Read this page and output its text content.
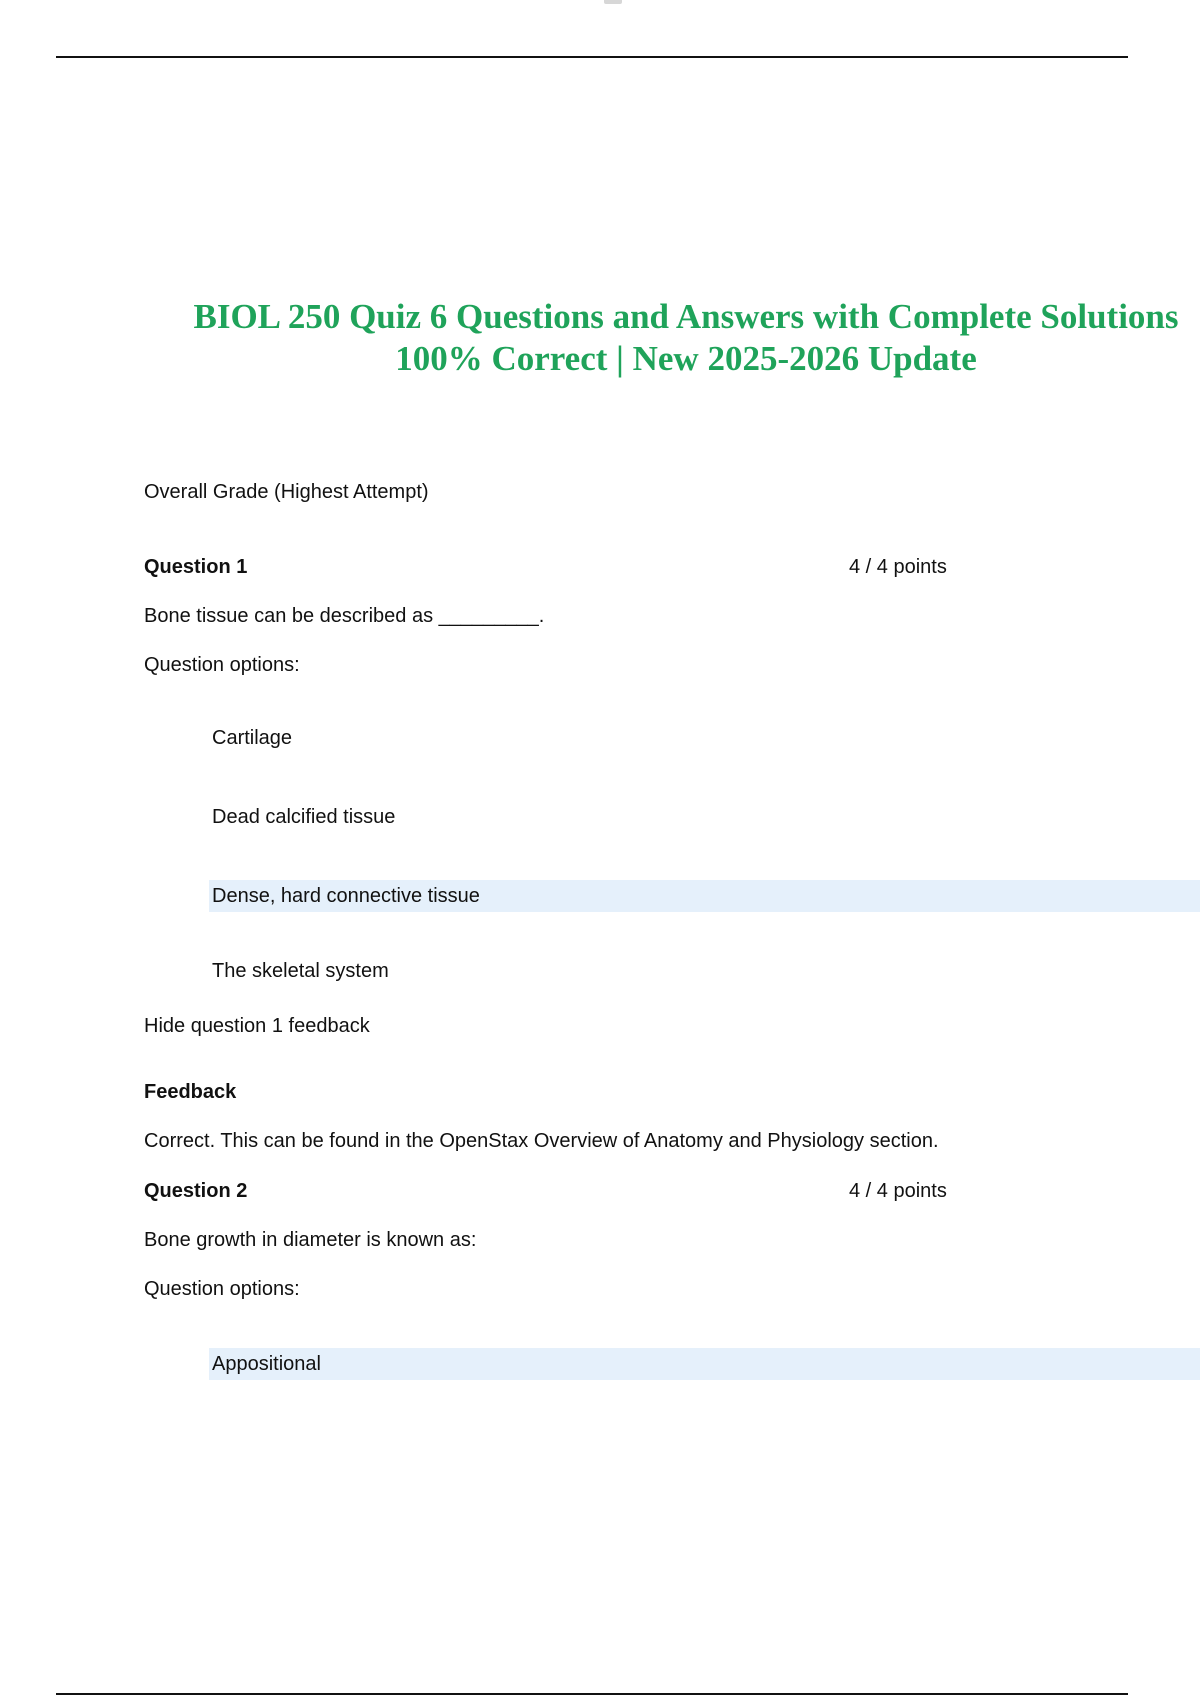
BIOL 250 Quiz 6 Questions and Answers with Complete Solutions
100% Correct | New 2025-2026 Update

Overall Grade (Highest Attempt)

Question 1	4 / 4 points

Bone tissue can be described as _________.

Question options:

Cartilage

Dead calcified tissue

Dense, hard connective tissue

The skeletal system

Hide question 1 feedback

Feedback

Correct. This can be found in the OpenStax Overview of Anatomy and Physiology section.

Question 2	4 / 4 points

Bone growth in diameter is known as:

Question options:

Appositional
